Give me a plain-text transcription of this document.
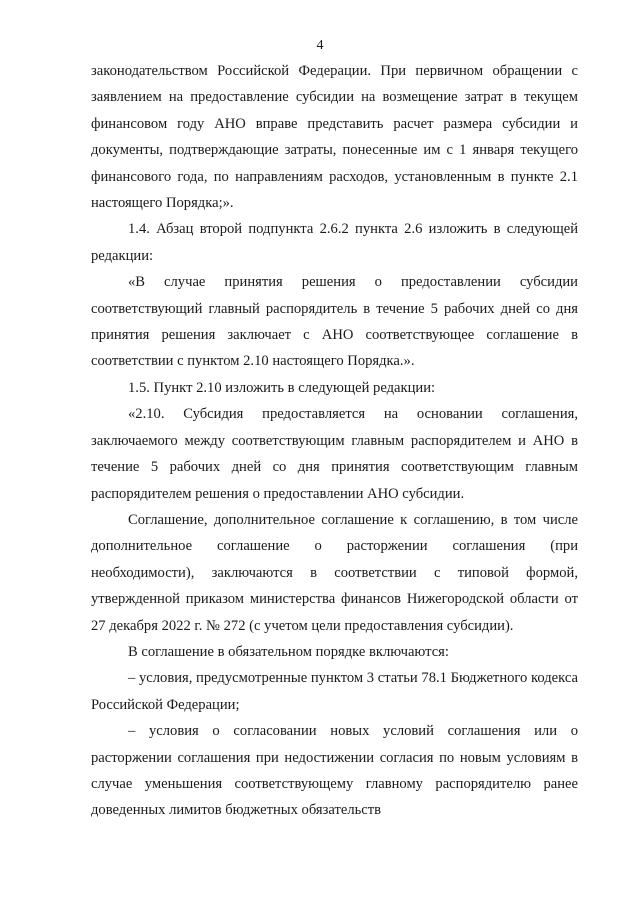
4

законодательством Российской Федерации. При первичном обращении с заявлением на предоставление субсидии на возмещение затрат в текущем финансовом году АНО вправе представить расчет размера субсидии и документы, подтверждающие затраты, понесенные им с 1 января текущего финансового года, по направлениям расходов, установленным в пункте 2.1 настоящего Порядка;».

1.4. Абзац второй подпункта 2.6.2 пункта 2.6 изложить в следующей редакции:

«В случае принятия решения о предоставлении субсидии соответствующий главный распорядитель в течение 5 рабочих дней со дня принятия решения заключает с АНО соответствующее соглашение в соответствии с пунктом 2.10 настоящего Порядка.».

1.5. Пункт 2.10 изложить в следующей редакции:

«2.10. Субсидия предоставляется на основании соглашения, заключаемого между соответствующим главным распорядителем и АНО в течение 5 рабочих дней со дня принятия соответствующим главным распорядителем решения о предоставлении АНО субсидии.

Соглашение, дополнительное соглашение к соглашению, в том числе дополнительное соглашение о расторжении соглашения (при необходимости), заключаются в соответствии с типовой формой, утвержденной приказом министерства финансов Нижегородской области от 27 декабря 2022 г. № 272 (с учетом цели предоставления субсидии).

В соглашение в обязательном порядке включаются:

– условия, предусмотренные пунктом 3 статьи 78.1 Бюджетного кодекса Российской Федерации;

– условия о согласовании новых условий соглашения или о расторжении соглашения при недостижении согласия по новым условиям в случае уменьшения соответствующему главному распорядителю ранее доведенных лимитов бюджетных обязательств
